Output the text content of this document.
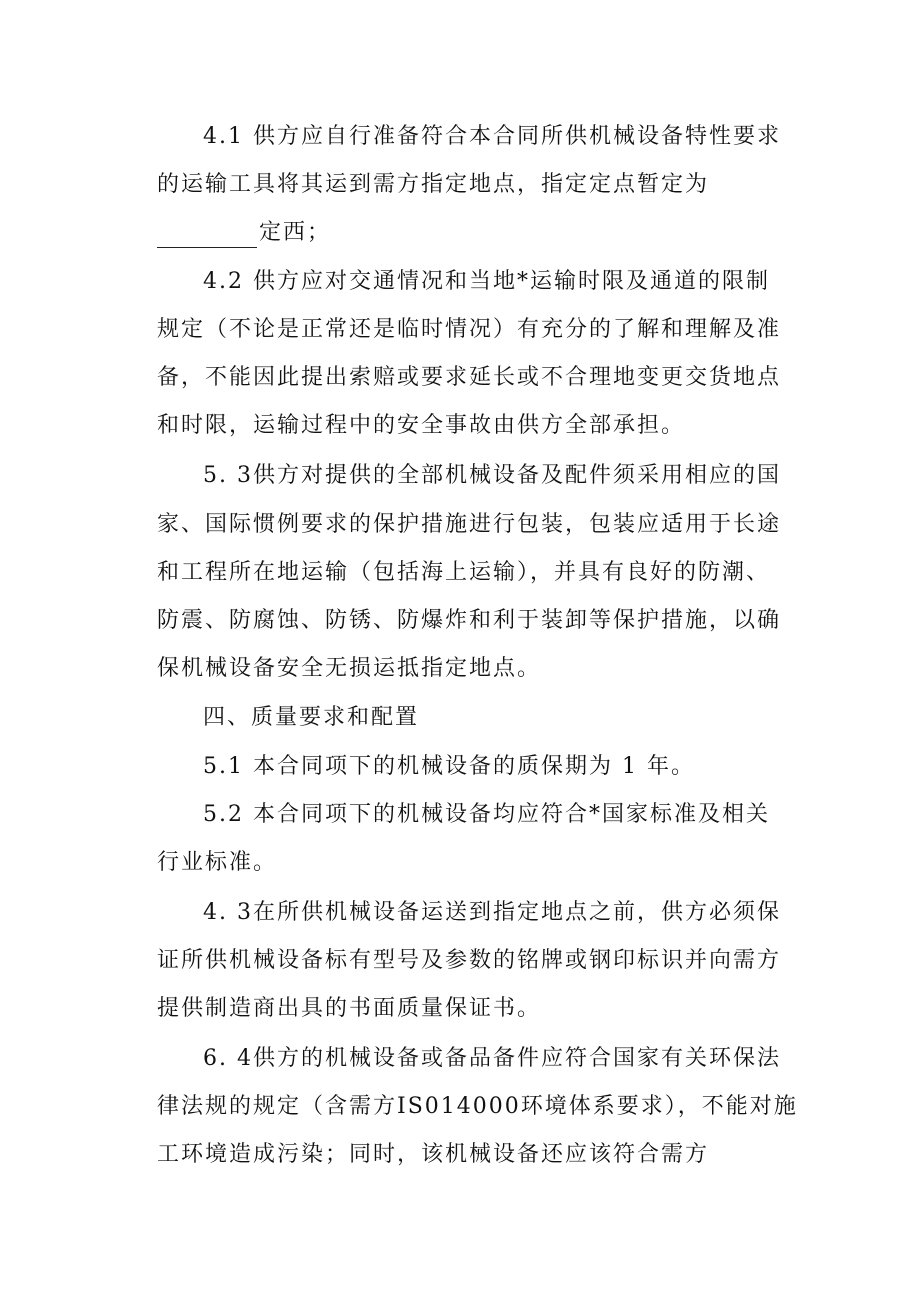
4.1 供方应自行准备符合本合同所供机械设备特性要求
的运输工具将其运到需方指定地点，指定定点暂定为
定西；
4.2 供方应对交通情况和当地*运输时限及通道的限制
规定（不论是正常还是临时情况）有充分的了解和理解及准
备，不能因此提出索赔或要求延长或不合理地变更交货地点
和时限，运输过程中的安全事故由供方全部承担。
5. 3供方对提供的全部机械设备及配件须采用相应的国
家、国际惯例要求的保护措施进行包装，包装应适用于长途
和工程所在地运输（包括海上运输），并具有良好的防潮、
防震、防腐蚀、防锈、防爆炸和利于装卸等保护措施，以确
保机械设备安全无损运抵指定地点。
四、质量要求和配置
5.1 本合同项下的机械设备的质保期为 1 年。
5.2 本合同项下的机械设备均应符合*国家标准及相关
行业标准。
4. 3在所供机械设备运送到指定地点之前，供方必须保
证所供机械设备标有型号及参数的铭牌或钢印标识并向需方
提供制造商出具的书面质量保证书。
6. 4供方的机械设备或备品备件应符合国家有关环保法
律法规的规定（含需方IS014000环境体系要求），不能对施
工环境造成污染；同时，该机械设备还应该符合需方
